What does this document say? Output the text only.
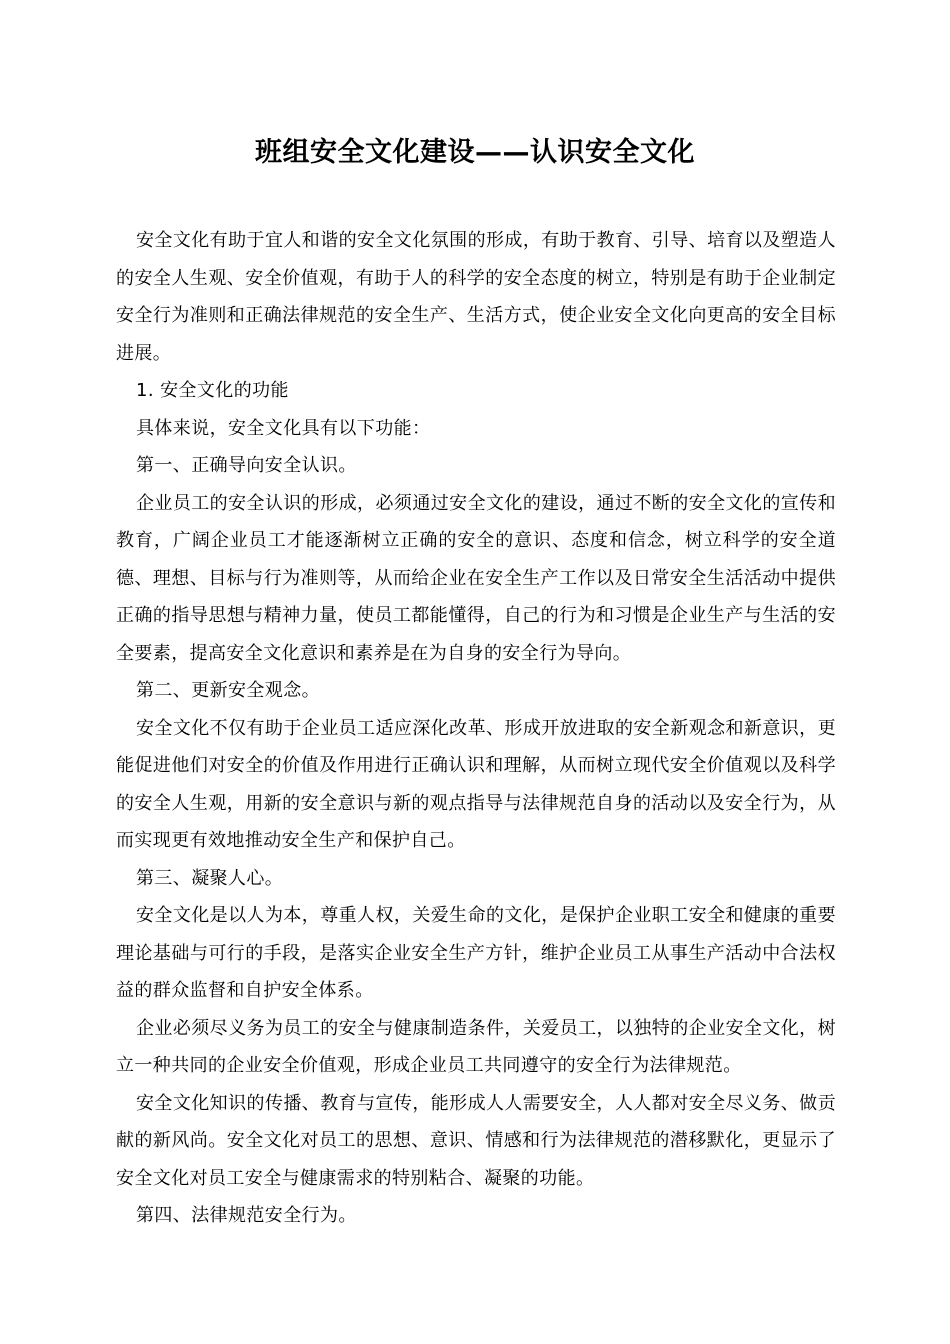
班组安全文化建设——认识安全文化

安全文化有助于宜人和谐的安全文化氛围的形成，有助于教育、引导、培育以及塑造人的安全人生观、安全价值观，有助于人的科学的安全态度的树立，特别是有助于企业制定安全行为准则和正确法律规范的安全生产、生活方式，使企业安全文化向更高的安全目标进展。

1. 安全文化的功能

具体来说，安全文化具有以下功能：

第一、正确导向安全认识。

企业员工的安全认识的形成，必须通过安全文化的建设，通过不断的安全文化的宣传和教育，广阔企业员工才能逐渐树立正确的安全的意识、态度和信念，树立科学的安全道德、理想、目标与行为准则等，从而给企业在安全生产工作以及日常安全生活活动中提供正确的指导思想与精神力量，使员工都能懂得，自己的行为和习惯是企业生产与生活的安全要素，提高安全文化意识和素养是在为自身的安全行为导向。

第二、更新安全观念。

安全文化不仅有助于企业员工适应深化改革、形成开放进取的安全新观念和新意识，更能促进他们对安全的价值及作用进行正确认识和理解，从而树立现代安全价值观以及科学的安全人生观，用新的安全意识与新的观点指导与法律规范自身的活动以及安全行为，从而实现更有效地推动安全生产和保护自己。

第三、凝聚人心。

安全文化是以人为本，尊重人权，关爱生命的文化，是保护企业职工安全和健康的重要理论基础与可行的手段，是落实企业安全生产方针，维护企业员工从事生产活动中合法权益的群众监督和自护安全体系。

企业必须尽义务为员工的安全与健康制造条件，关爱员工，以独特的企业安全文化，树立一种共同的企业安全价值观，形成企业员工共同遵守的安全行为法律规范。

安全文化知识的传播、教育与宣传，能形成人人需要安全，人人都对安全尽义务、做贡献的新风尚。安全文化对员工的思想、意识、情感和行为法律规范的潜移默化，更显示了安全文化对员工安全与健康需求的特别粘合、凝聚的功能。

第四、法律规范安全行为。
